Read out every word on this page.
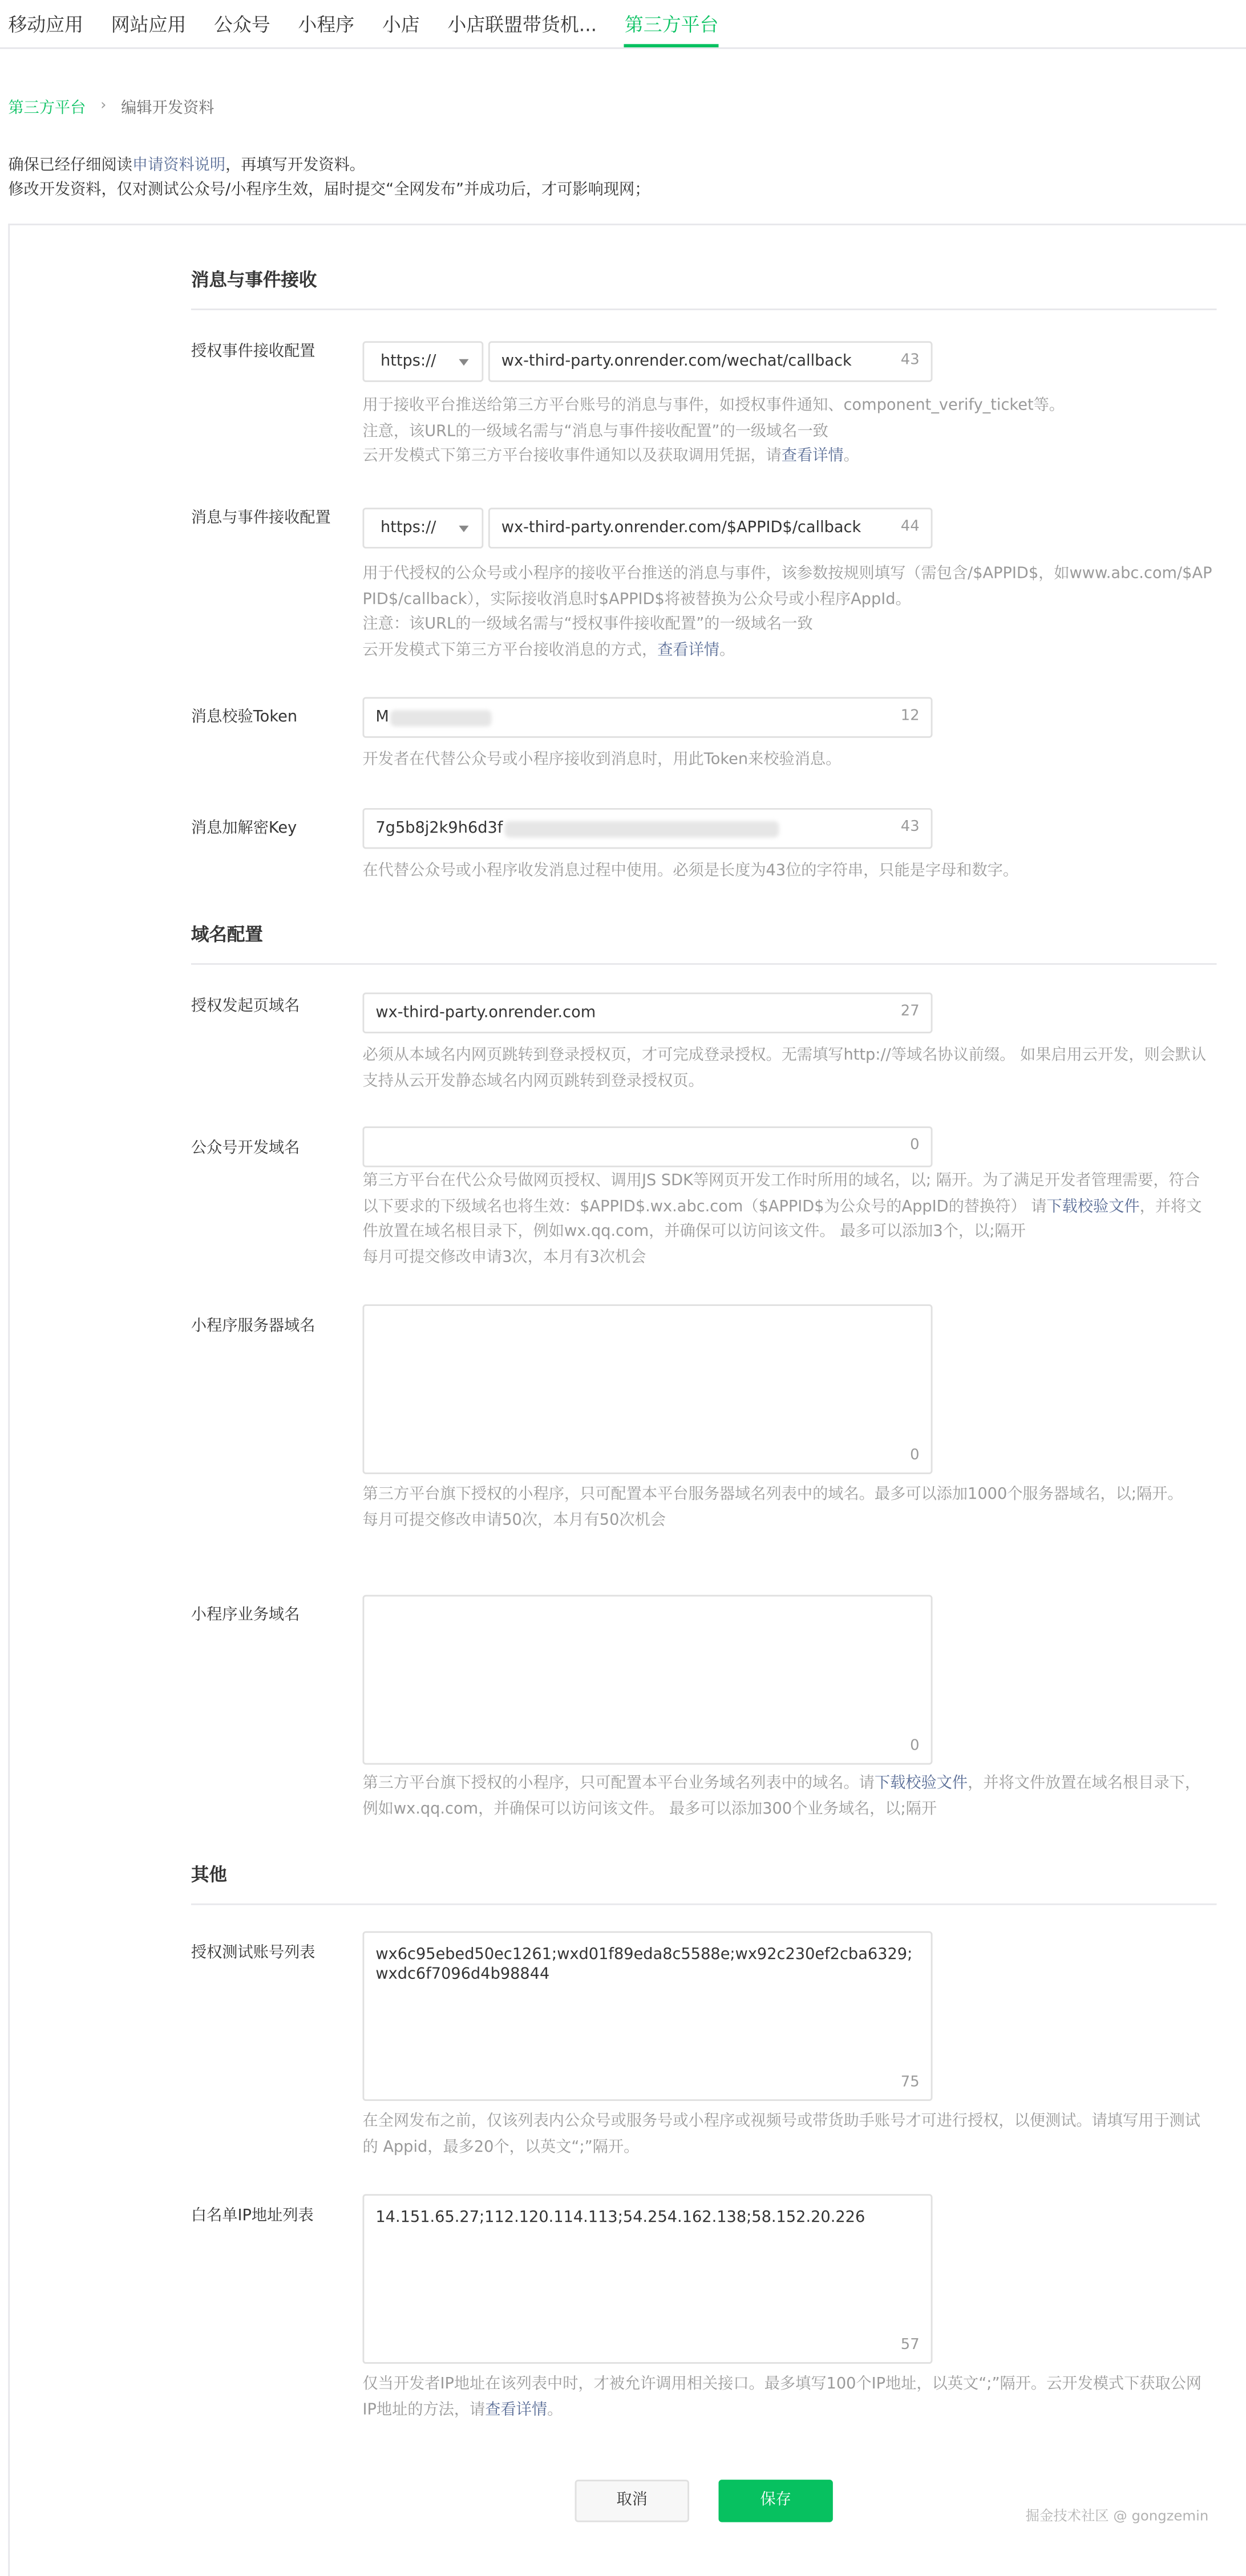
移动应用	网站应用	公众号	小程序	小店	小店联盟带货机...	第三方平台
第三方平台	›	编辑开发资料
确保已经仔细阅读申请资料说明，再填写开发资料。
修改开发资料，仅对测试公众号/小程序生效，届时提交“全网发布”并成功后，才可影响现网；
消息与事件接收
授权事件接收配置
https://	wx-third-party.onrender.com/wechat/callback	43
用于接收平台推送给第三方平台账号的消息与事件，如授权事件通知、component_verify_ticket等。
注意，该URL的一级域名需与“消息与事件接收配置”的一级域名一致
云开发模式下第三方平台接收事件通知以及获取调用凭据，请查看详情。
消息与事件接收配置
https://	wx-third-party.onrender.com/$APPID$/callback	44
用于代授权的公众号或小程序的接收平台推送的消息与事件，该参数按规则填写（需包含/$APPID$，如www.abc.com/$APPID$/callback），实际接收消息时$APPID$将被替换为公众号或小程序AppId。
注意：该URL的一级域名需与“授权事件接收配置”的一级域名一致
云开发模式下第三方平台接收消息的方式，查看详情。
消息校验Token	M	12
开发者在代替公众号或小程序接收到消息时，用此Token来校验消息。
消息加解密Key	7g5b8j2k9h6d3f	43
在代替公众号或小程序收发消息过程中使用。必须是长度为43位的字符串，只能是字母和数字。
域名配置
授权发起页域名	wx-third-party.onrender.com	27
必须从本域名内网页跳转到登录授权页，才可完成登录授权。无需填写http://等域名协议前缀。 如果启用云开发，则会默认支持从云开发静态域名内网页跳转到登录授权页。
公众号开发域名	0
第三方平台在代公众号做网页授权、调用JS SDK等网页开发工作时所用的域名，以; 隔开。为了满足开发者管理需要，符合以下要求的下级域名也将生效：$APPID$.wx.abc.com（$APPID$为公众号的AppID的替换符） 请下载校验文件，并将文件放置在域名根目录下，例如wx.qq.com，并确保可以访问该文件。 最多可以添加3个，以;隔开
每月可提交修改申请3次，本月有3次机会
小程序服务器域名
0
第三方平台旗下授权的小程序，只可配置本平台服务器域名列表中的域名。最多可以添加1000个服务器域名，以;隔开。
每月可提交修改申请50次，本月有50次机会
小程序业务域名
0
第三方平台旗下授权的小程序，只可配置本平台业务域名列表中的域名。请下载校验文件，并将文件放置在域名根目录下，例如wx.qq.com，并确保可以访问该文件。 最多可以添加300个业务域名，以;隔开
其他
授权测试账号列表	wx6c95ebed50ec1261;wxd01f89eda8c5588e;wx92c230ef2cba6329;wxdc6f7096d4b98844
75
在全网发布之前，仅该列表内公众号或服务号或小程序或视频号或带货助手账号才可进行授权，以便测试。请填写用于测试的 Appid，最多20个，以英文“;”隔开。
白名单IP地址列表	14.151.65.27;112.120.114.113;54.254.162.138;58.152.20.226
57
仅当开发者IP地址在该列表中时，才被允许调用相关接口。最多填写100个IP地址，以英文“;”隔开。云开发模式下获取公网IP地址的方法，请查看详情。
取消	保存
掘金技术社区 @ gongzemin
